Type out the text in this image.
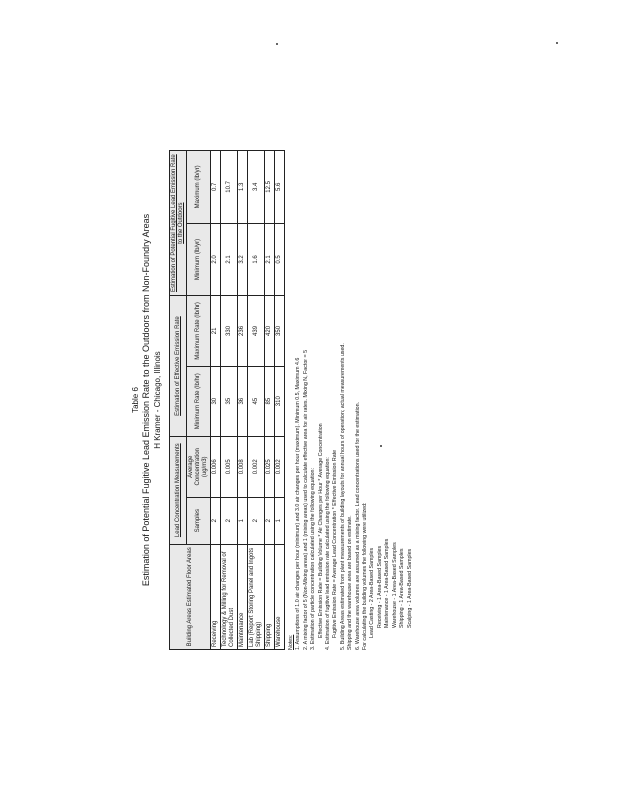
Table 6 Estimation of Potential Fugitive Lead Emission Rate to the Outdoors from Non-Foundry Areas H Kramer - Chicago, Illinois
Building Areas Estimated Floor Areas	Lead Concentration Measurements		Estimation of Effective Emission Rate		Estimation of Potential Fugitive Lead Emission Rate to the Outdoors	
	Samples	Average Concentration (ug/m3)	Minimum Rate (lb/hr)	Maximum Rate (lb/hr)	Minimum (lb/yr)	Maximum (lb/yr)
Receiving	2	0.006	30	21	2.0	0.7
Technology & Milling for Removal of Collected Dust	2	0.005	35	330	2.1	10.7
Maintenance	1	0.008	36	236	3.2	1.3
Lab (Report Storing Panel and Ingots Shipping)	2	0.002	45	439	1.6	3.4
Shipping	2	0.025	85	420	2.1	12.5
Warehouse	1	0.002	310	350	0.5	5.6
Notes: 1. Assumptions of 1.0 air changes per hour (minimum) and 3.0 air changes per hour (maximum). Minimum 0.5, Maximum 4.6 2. A mixing factor of 5 (Non-Mixing areas) and 1 (mixing areas) used to calculate effective area for air rates. Mixing N, Factor = 5 3. Estimation of particle concentration calculated using the following equation: Effective Emission Rate = Building Volume * Air Changes per Hour * Average Concentration 4. Estimation of fugitive lead emission rate calculated using the following equation: Fugitive Emission Rate = Average Lead Concentration * Effective Emission Rate 5. Building Areas estimated from plant measurements of building layouts for annual hours of operation; actual measurements used. Shipping and the warehouse area are based on estimate. 6. Warehouse area volumes are assumed as a mixing factor. Lead concentrations used for the estimation. For calculating the building volumes the following were utilized: Lead Casting - 2 Area-Based Samples Receiving - 1 Area-Based Samples Maintenance - 1 Area-Based Samples Warehouse - 1 Area-Based Samples Shipping - 1 Area-Based Samples Scalping - 1 Area-Based Samples
